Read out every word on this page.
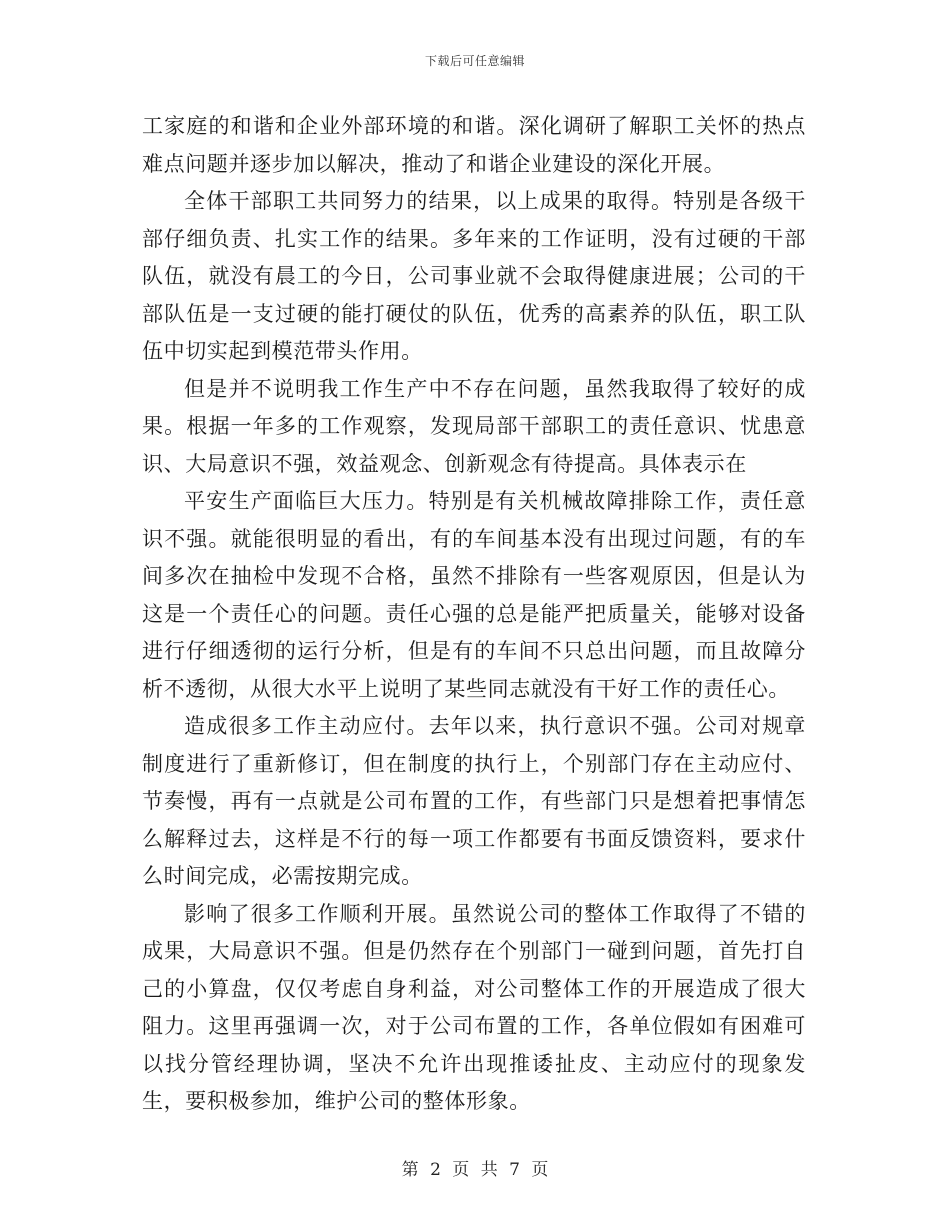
下载后可任意编辑

工家庭的和谐和企业外部环境的和谐。深化调研了解职工关怀的热点难点问题并逐步加以解决，推动了和谐企业建设的深化开展。

全体干部职工共同努力的结果，以上成果的取得。特别是各级干部仔细负责、扎实工作的结果。多年来的工作证明，没有过硬的干部队伍，就没有晨工的今日，公司事业就不会取得健康进展；公司的干部队伍是一支过硬的能打硬仗的队伍，优秀的高素养的队伍，职工队伍中切实起到模范带头作用。

但是并不说明我工作生产中不存在问题，虽然我取得了较好的成果。根据一年多的工作观察，发现局部干部职工的责任意识、忧患意识、大局意识不强，效益观念、创新观念有待提高。具体表示在

平安生产面临巨大压力。特别是有关机械故障排除工作，责任意识不强。就能很明显的看出，有的车间基本没有出现过问题，有的车间多次在抽检中发现不合格，虽然不排除有一些客观原因，但是认为这是一个责任心的问题。责任心强的总是能严把质量关，能够对设备进行仔细透彻的运行分析，但是有的车间不只总出问题，而且故障分析不透彻，从很大水平上说明了某些同志就没有干好工作的责任心。

造成很多工作主动应付。去年以来，执行意识不强。公司对规章制度进行了重新修订，但在制度的执行上，个别部门存在主动应付、节奏慢，再有一点就是公司布置的工作，有些部门只是想着把事情怎么解释过去，这样是不行的每一项工作都要有书面反馈资料，要求什么时间完成，必需按期完成。

影响了很多工作顺利开展。虽然说公司的整体工作取得了不错的成果，大局意识不强。但是仍然存在个别部门一碰到问题，首先打自己的小算盘，仅仅考虑自身利益，对公司整体工作的开展造成了很大阻力。这里再强调一次，对于公司布置的工作，各单位假如有困难可以找分管经理协调，坚决不允许出现推诿扯皮、主动应付的现象发生，要积极参加，维护公司的整体形象。

第 2 页 共 7 页
